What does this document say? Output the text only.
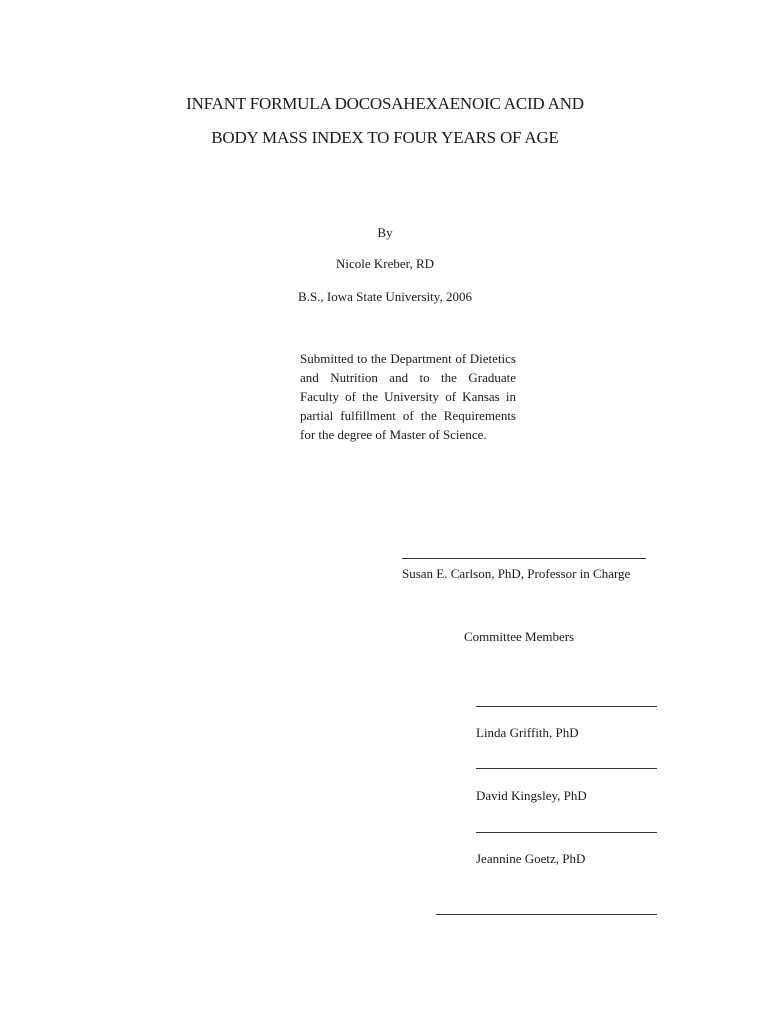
INFANT FORMULA DOCOSAHEXAENOIC ACID AND
BODY MASS INDEX TO FOUR YEARS OF AGE
By
Nicole Kreber, RD
B.S., Iowa State University, 2006
Submitted to the Department of Dietetics and Nutrition and to the Graduate Faculty of the University of Kansas in partial fulfillment of the Requirements for the degree of Master of Science.
Susan E. Carlson, PhD, Professor in Charge
Committee Members
Linda Griffith, PhD
David Kingsley, PhD
Jeannine Goetz, PhD
